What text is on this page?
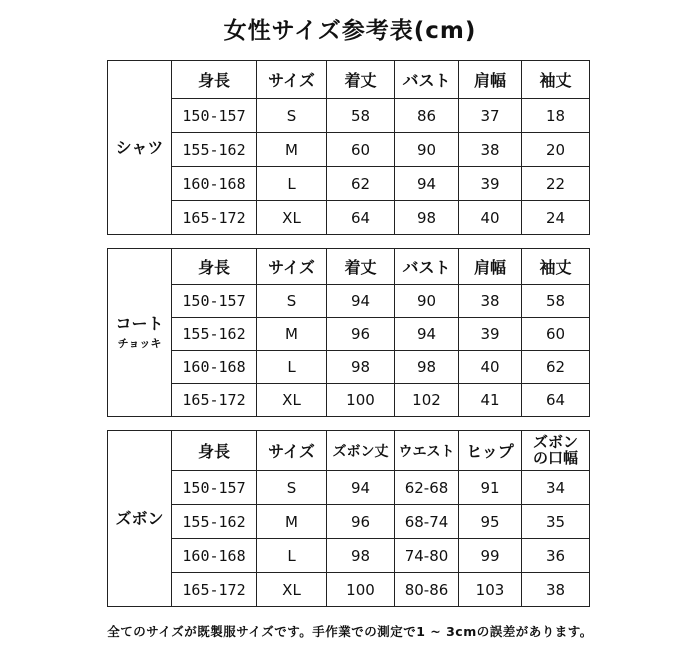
女性サイズ参考表(cm)
シャツ	身長	サイズ	着丈	バスト	肩幅	袖丈
	150-157	S	58	86	37	18
	155-162	M	60	90	38	20
	160-168	L	62	94	39	22
	165-172	XL	64	98	40	24
コート
チョッキ	身長	サイズ	着丈	バスト	肩幅	袖丈
	150-157	S	94	90	38	58
	155-162	M	96	94	39	60
	160-168	L	98	98	40	62
	165-172	XL	100	102	41	64
ズボン	身長	サイズ	ズボン丈	ウエスト	ヒップ	ズボン
の口幅

	150-157	S	94	62-68	91	34
	155-162	M	96	68-74	95	35
	160-168	L	98	74-80	99	36
	165-172	XL	100	80-86	103	38
全てのサイズが既製服サイズです。手作業での測定で1 ~ 3cmの誤差があります。
